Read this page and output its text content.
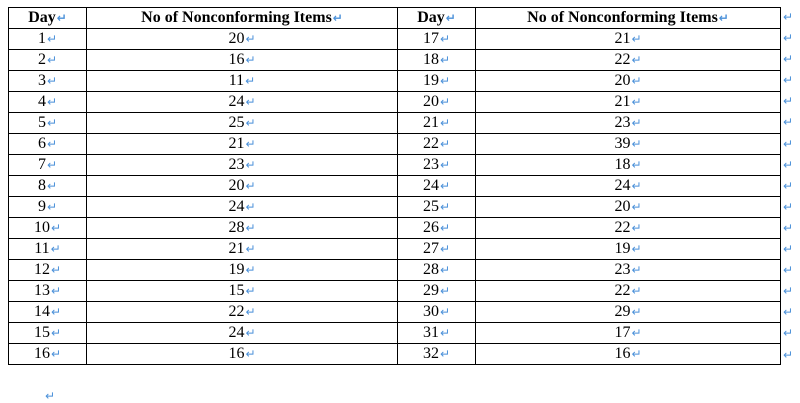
Day↵	No of Nonconforming Items↵	Day↵	No of Nonconforming Items↵
1↵	20↵	17↵	21↵
2↵	16↵	18↵	22↵
3↵	11↵	19↵	20↵
4↵	24↵	20↵	21↵
5↵	25↵	21↵	23↵
6↵	21↵	22↵	39↵
7↵	23↵	23↵	18↵
8↵	20↵	24↵	24↵
9↵	24↵	25↵	20↵
10↵	28↵	26↵	22↵
11↵	21↵	27↵	19↵
12↵	19↵	28↵	23↵
13↵	15↵	29↵	22↵
14↵	22↵	30↵	29↵
15↵	24↵	31↵	17↵
16↵	16↵	32↵	16↵
↵
↵
↵
↵
↵
↵
↵
↵
↵
↵
↵
↵
↵
↵
↵
↵
↵
↵
